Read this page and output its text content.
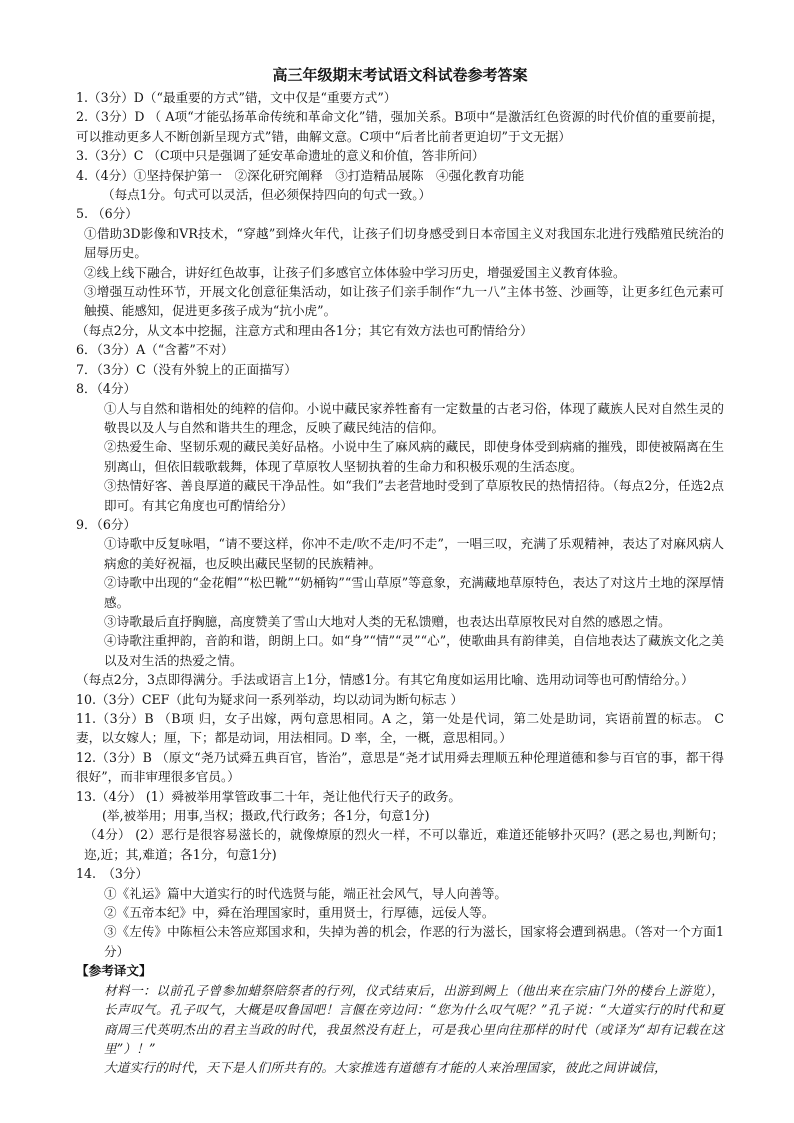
高三年级期末考试语文科试卷参考答案

1.（3分）D（“最重要的方式”错，文中仅是“重要方式”）

2.（3分）D （ A项“才能弘扬革命传统和革命文化”错，强加关系。B项中“是激活红色资源的时代价值的重要前提，可以推动更多人不断创新呈现方式”错，曲解文意。C项中“后者比前者更迫切”于文无据）

3.（3分）C （C项中只是强调了延安革命遗址的意义和价值，答非所问）

4.（4分）①坚持保护第一　②深化研究阐释　③打造精品展陈　④强化教育功能

（每点1分。句式可以灵活，但必须保持四向的句式一致。）

5. （6分）

①借助3D影像和VR技术，“穿越”到烽火年代，让孩子们切身感受到日本帝国主义对我国东北进行残酷殖民统治的屈辱历史。

②线上线下融合，讲好红色故事，让孩子们多感官立体体验中学习历史，增强爱国主义教育体验。

③增强互动性环节，开展文化创意征集活动，如让孩子们亲手制作“九一八”主体书签、沙画等，让更多红色元素可触摸、能感知，促进更多孩子成为“抗小虎”。

（每点2分，从文本中挖掘，注意方式和理由各1分；其它有效方法也可酌情给分）

6．（3分）A（“含蓄”不对）

7．（3分）C（没有外貌上的正面描写）

8．（4分）

①人与自然和谐相处的纯粹的信仰。小说中藏民家养牲畜有一定数量的古老习俗，体现了藏族人民对自然生灵的敬畏以及人与自然和谐共生的理念，反映了藏民纯洁的信仰。

②热爱生命、坚韧乐观的藏民美好品格。小说中生了麻风病的藏民，即使身体受到病痛的摧残，即使被隔离在生别离山，但依旧载歌载舞，体现了草原牧人坚韧执着的生命力和积极乐观的生活态度。

③热情好客、善良厚道的藏民干净品性。如“我们”去老营地时受到了草原牧民的热情招待。（每点2分，任选2点即可。有其它角度也可酌情给分）

9．（6分）

①诗歌中反复咏唱，“请不要这样，你冲不走/吹不走/叼不走”，一唱三叹，充满了乐观精神，表达了对麻风病人病愈的美好祝福，也反映出藏民坚韧的民族精神。

②诗歌中出现的“金花帽”“松巴靴”“奶桶钩”“雪山草原”等意象，充满藏地草原特色，表达了对这片土地的深厚情感。

③诗歌最后直抒胸臆，高度赞美了雪山大地对人类的无私馈赠，也表达出草原牧民对自然的感恩之情。

④诗歌注重押韵，音韵和谐，朗朗上口。如“身”“情”“灵”“心”，使歌曲具有韵律美，自信地表达了藏族文化之美以及对生活的热爱之情。

（每点2分，3点即得满分。手法或语言上1分，情感1分。有其它角度如运用比喻、选用动词等也可酌情给分。）

10.（3分）CEF（此句为疑求问一系列举动，均以动词为断句标志 ）

11.（3分）B （B项 归，女子出嫁，两句意思相同。A 之，第一处是代词，第二处是助词，宾语前置的标志。 C 妻，以女嫁人；厘，下；都是动词，用法相同。D 率，全，一概，意思相同。）

12.（3分）B （原文“尧乃试舜五典百官，皆治”，意思是“尧才试用舜去理顺五种伦理道德和参与百官的事，都干得很好”，而非审理很多官员。）

13.（4分） (1）舜被举用掌管政事二十年，尧让他代行天子的政务。

(举,被举用；用事,当权；摄政,代行政务；各1分，句意1分)

（4分） (2）恶行是很容易滋长的，就像燎原的烈火一样，不可以靠近，难道还能够扑灭吗？(恶之易也,判断句；迩,近；其,难道；各1分，句意1分)

14.　（3分）

①《礼运》篇中大道实行的时代选贤与能，端正社会风气，导人向善等。

②《五帝本纪》中，舜在治理国家时，重用贤士，行厚德，远佞人等。

③《左传》中陈桓公未答应郑国求和，失掉为善的机会，作恶的行为滋长，国家将会遭到祸患。（答对一个方面1分）

【参考译文】

材料一：以前孔子曾参加蜡祭陪祭者的行列，仪式结束后，出游到阙上（他出来在宗庙门外的楼台上游览），长声叹气。孔子叹气，大概是叹鲁国吧！言偃在旁边问：“您为什么叹气呢？”孔子说：“大道实行的时代和夏商周三代英明杰出的君主当政的时代，我虽然没有赶上，可是我心里向往那样的时代（或译为“却有记载在这里”）！”

大道实行的时代，天下是人们所共有的。大家推选有道德有才能的人来治理国家，彼此之间讲诚信，
